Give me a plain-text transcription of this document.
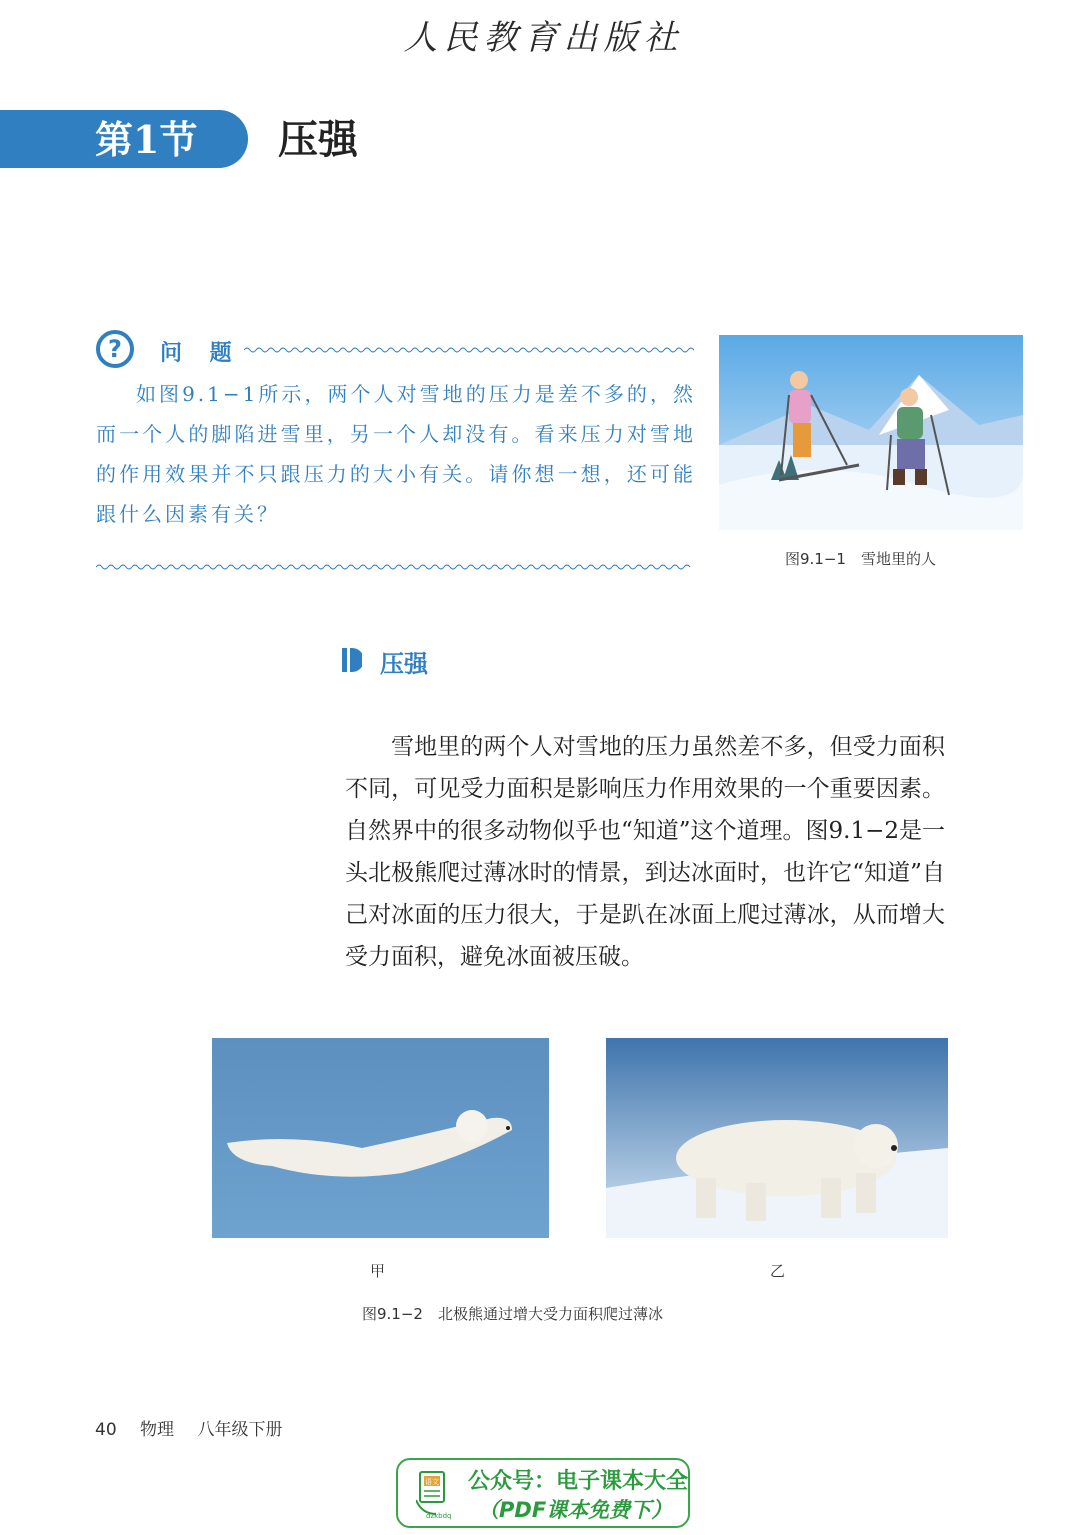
人民教育出版社
第1节 压强
?	问 题

如图9.1−1所示，两个人对雪地的压力是差不多的，然而一个人的脚陷进雪里，另一个人却没有。看来压力对雪地的作用效果并不只跟压力的大小有关。请你想一想，还可能跟什么因素有关？

图9.1−1　雪地里的人
压强

雪地里的两个人对雪地的压力虽然差不多，但受力面积不同，可见受力面积是影响压力作用效果的一个重要因素。自然界中的很多动物似乎也“知道”这个道理。图9.1−2是一头北极熊爬过薄冰时的情景，到达冰面时，也许它“知道”自己对冰面的压力很大，于是趴在冰面上爬过薄冰，从而增大受力面积，避免冰面被压破。

甲	乙
图9.1−2　北极熊通过增大受力面积爬过薄冰
40 物理 八年级下册
语文
dzkbdq
公众号：电子课本大全
（PDF课本免费下）
